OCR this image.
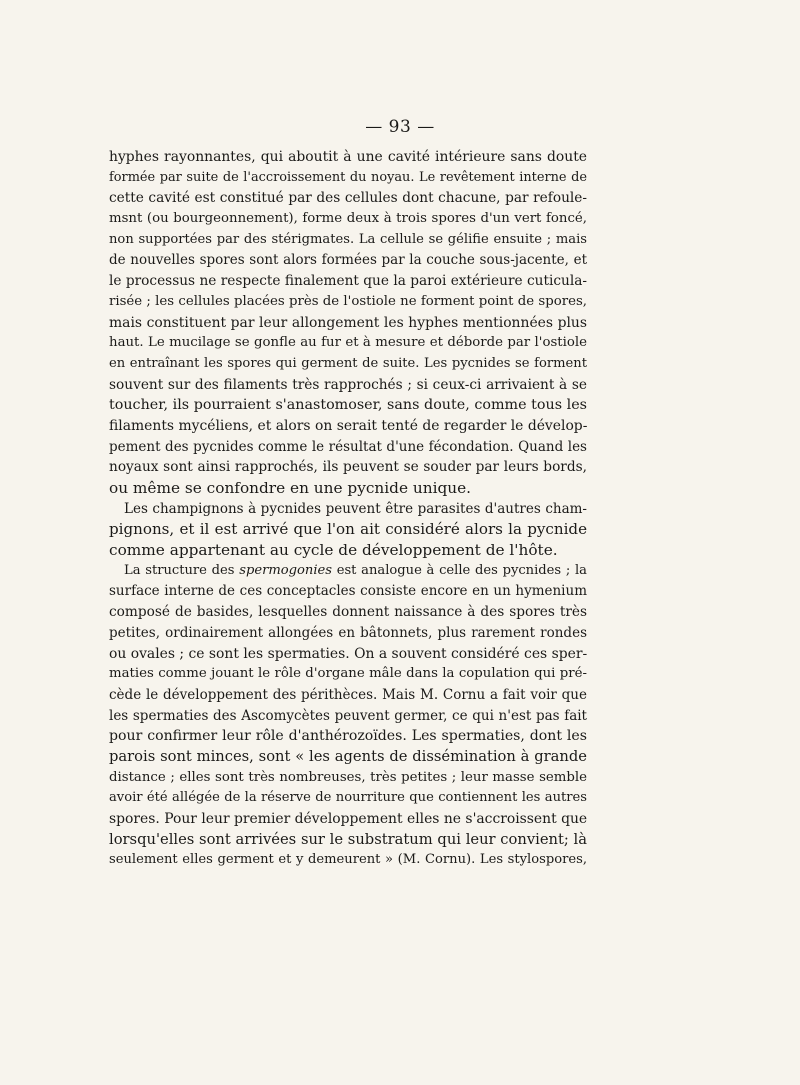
— 93 —
hyphes rayonnantes, qui aboutit à une cavité intérieure sans doute
formée par suite de l'accroissement du noyau. Le revêtement interne de
cette cavité est constitué par des cellules dont chacune, par refoule-
msnt (ou bourgeonnement), forme deux à trois spores d'un vert foncé,
non supportées par des stérigmates. La cellule se gélifie ensuite ; mais
de nouvelles spores sont alors formées par la couche sous-jacente, et
le processus ne respecte finalement que la paroi extérieure cuticula-
risée ; les cellules placées près de l'ostiole ne forment point de spores,
mais constituent par leur allongement les hyphes mentionnées plus
haut. Le mucilage se gonfle au fur et à mesure et déborde par l'ostiole
en entraînant les spores qui germent de suite. Les pycnides se forment
souvent sur des filaments très rapprochés ; si ceux-ci arrivaient à se
toucher, ils pourraient s'anastomoser, sans doute, comme tous les
filaments mycéliens, et alors on serait tenté de regarder le dévelop-
pement des pycnides comme le résultat d'une fécondation. Quand les
noyaux sont ainsi rapprochés, ils peuvent se souder par leurs bords,
ou même se confondre en une pycnide unique.
Les champignons à pycnides peuvent être parasites d'autres cham-
pignons, et il est arrivé que l'on ait considéré alors la pycnide
comme appartenant au cycle de développement de l'hôte.
La structure des spermogonies est analogue à celle des pycnides ; la
surface interne de ces conceptacles consiste encore en un hymenium
composé de basides, lesquelles donnent naissance à des spores très
petites, ordinairement allongées en bâtonnets, plus rarement rondes
ou ovales ; ce sont les spermaties. On a souvent considéré ces sper-
maties comme jouant le rôle d'organe mâle dans la copulation qui pré-
cède le développement des périthèces. Mais M. Cornu a fait voir que
les spermaties des Ascomycètes peuvent germer, ce qui n'est pas fait
pour confirmer leur rôle d'anthérozoïdes. Les spermaties, dont les
parois sont minces, sont « les agents de dissémination à grande
distance ; elles sont très nombreuses, très petites ; leur masse semble
avoir été allégée de la réserve de nourriture que contiennent les autres
spores. Pour leur premier développement elles ne s'accroissent que
lorsqu'elles sont arrivées sur le substratum qui leur convient; là
seulement elles germent et y demeurent » (M. Cornu). Les stylospores,
